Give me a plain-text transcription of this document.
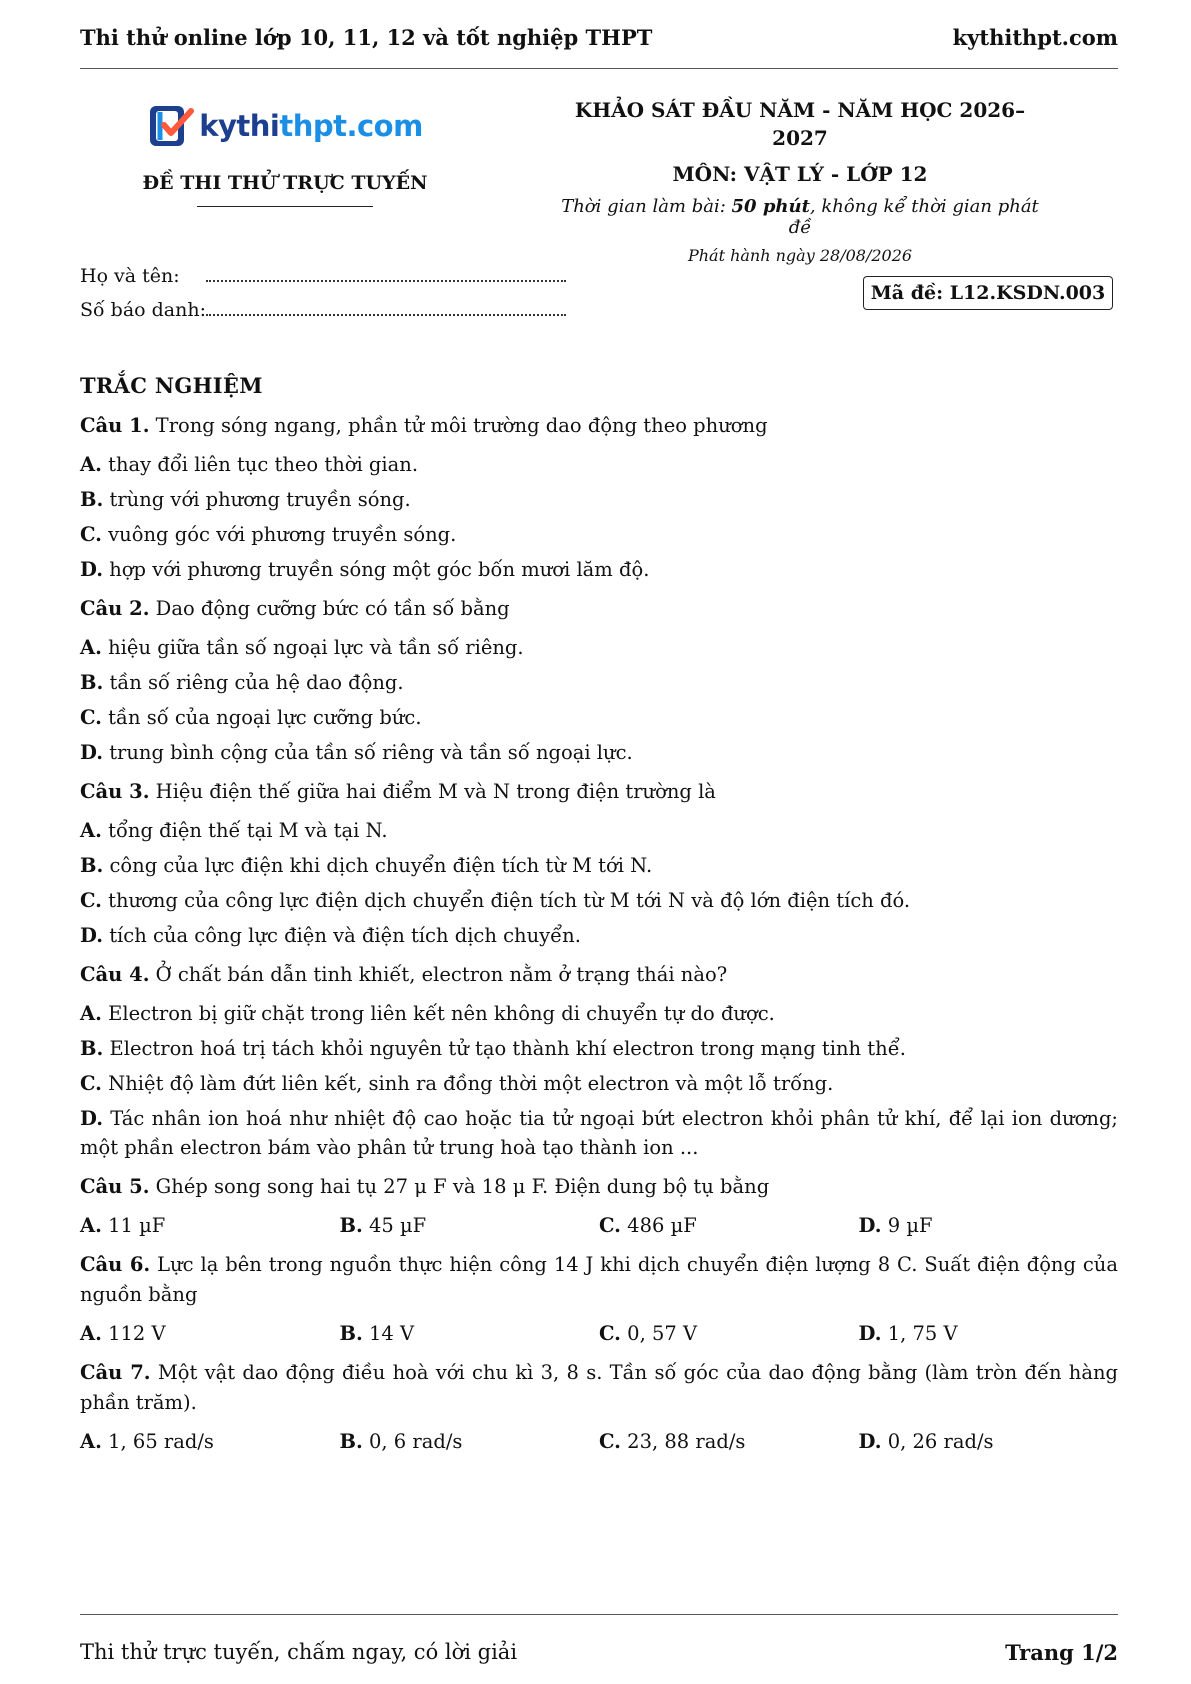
Thi thử online lớp 10, 11, 12 và tốt nghiệp THPT	kythithpt.com
kythithpt.com
ĐỀ THI THỬ TRỰC TUYẾN
KHẢO SÁT ĐẦU NĂM - NĂM HỌC 2026–2027
MÔN: VẬT LÝ - LỚP 12
Thời gian làm bài: 50 phút, không kể thời gian phát đề
Phát hành ngày 28/08/2026
Họ và tên:
Số báo danh:
Mã đề: L12.KSDN.003
TRẮC NGHIỆM
Câu 1. Trong sóng ngang, phần tử môi trường dao động theo phương
A. thay đổi liên tục theo thời gian.
B. trùng với phương truyền sóng.
C. vuông góc với phương truyền sóng.
D. hợp với phương truyền sóng một góc bốn mươi lăm độ.
Câu 2. Dao động cưỡng bức có tần số bằng
A. hiệu giữa tần số ngoại lực và tần số riêng.
B. tần số riêng của hệ dao động.
C. tần số của ngoại lực cưỡng bức.
D. trung bình cộng của tần số riêng và tần số ngoại lực.
Câu 3. Hiệu điện thế giữa hai điểm M và N trong điện trường là
A. tổng điện thế tại M và tại N.
B. công của lực điện khi dịch chuyển điện tích từ M tới N.
C. thương của công lực điện dịch chuyển điện tích từ M tới N và độ lớn điện tích đó.
D. tích của công lực điện và điện tích dịch chuyển.
Câu 4. Ở chất bán dẫn tinh khiết, electron nằm ở trạng thái nào?
A. Electron bị giữ chặt trong liên kết nên không di chuyển tự do được.
B. Electron hoá trị tách khỏi nguyên tử tạo thành khí electron trong mạng tinh thể.
C. Nhiệt độ làm đứt liên kết, sinh ra đồng thời một electron và một lỗ trống.
D. Tác nhân ion hoá như nhiệt độ cao hoặc tia tử ngoại bứt electron khỏi phân tử khí, để lại ion dương; một phần electron bám vào phân tử trung hoà tạo thành ion ...
Câu 5. Ghép song song hai tụ 27 μ F và 18 μ F. Điện dung bộ tụ bằng
A. 11 µF	B. 45 µF	C. 486 µF	D. 9 µF
Câu 6. Lực lạ bên trong nguồn thực hiện công 14 J khi dịch chuyển điện lượng 8 C. Suất điện động của nguồn bằng
A. 112 V	B. 14 V	C. 0, 57 V	D. 1, 75 V
Câu 7. Một vật dao động điều hoà với chu kì 3, 8 s. Tần số góc của dao động bằng (làm tròn đến hàng phần trăm).
A. 1, 65 rad/s	B. 0, 6 rad/s	C. 23, 88 rad/s	D. 0, 26 rad/s
Thi thử trực tuyến, chấm ngay, có lời giải	Trang 1/2
